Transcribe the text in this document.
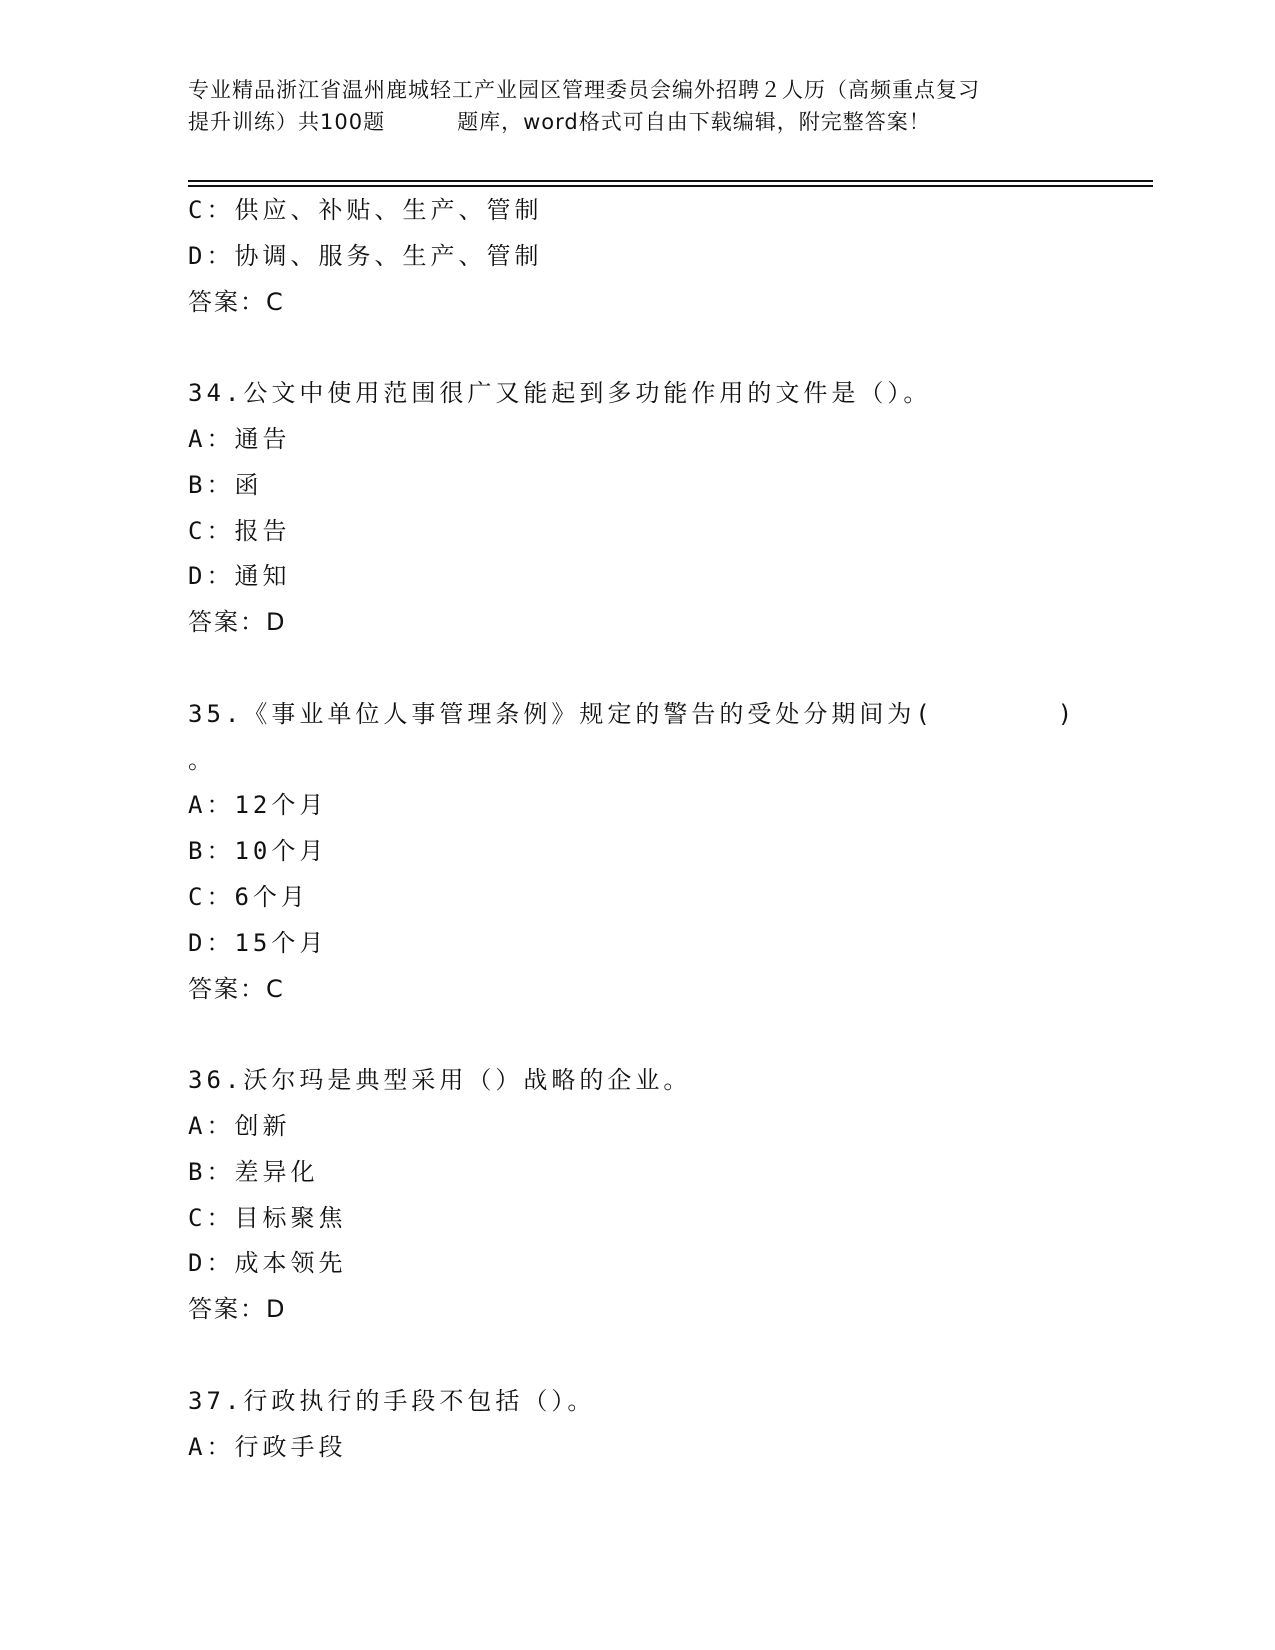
专业精品浙江省温州鹿城轻工产业园区管理委员会编外招聘２人历（高频重点复习
提升训练）共100题	题库，word格式可自由下载编辑，附完整答案！
C：供应、补贴、生产、管制
D：协调、服务、生产、管制
答案：C
34.公文中使用范围很广又能起到多功能作用的文件是（）。
A：通告
B：函
C：报告
D：通知
答案：D
35.《事业单位人事管理条例》规定的警告的受处分期间为(	)
。
A：12个月
B：10个月
C：6个月
D：15个月
答案：C
36.沃尔玛是典型采用（）战略的企业。
A：创新
B：差异化
C：目标聚焦
D：成本领先
答案：D
37.行政执行的手段不包括（）。
A：行政手段
